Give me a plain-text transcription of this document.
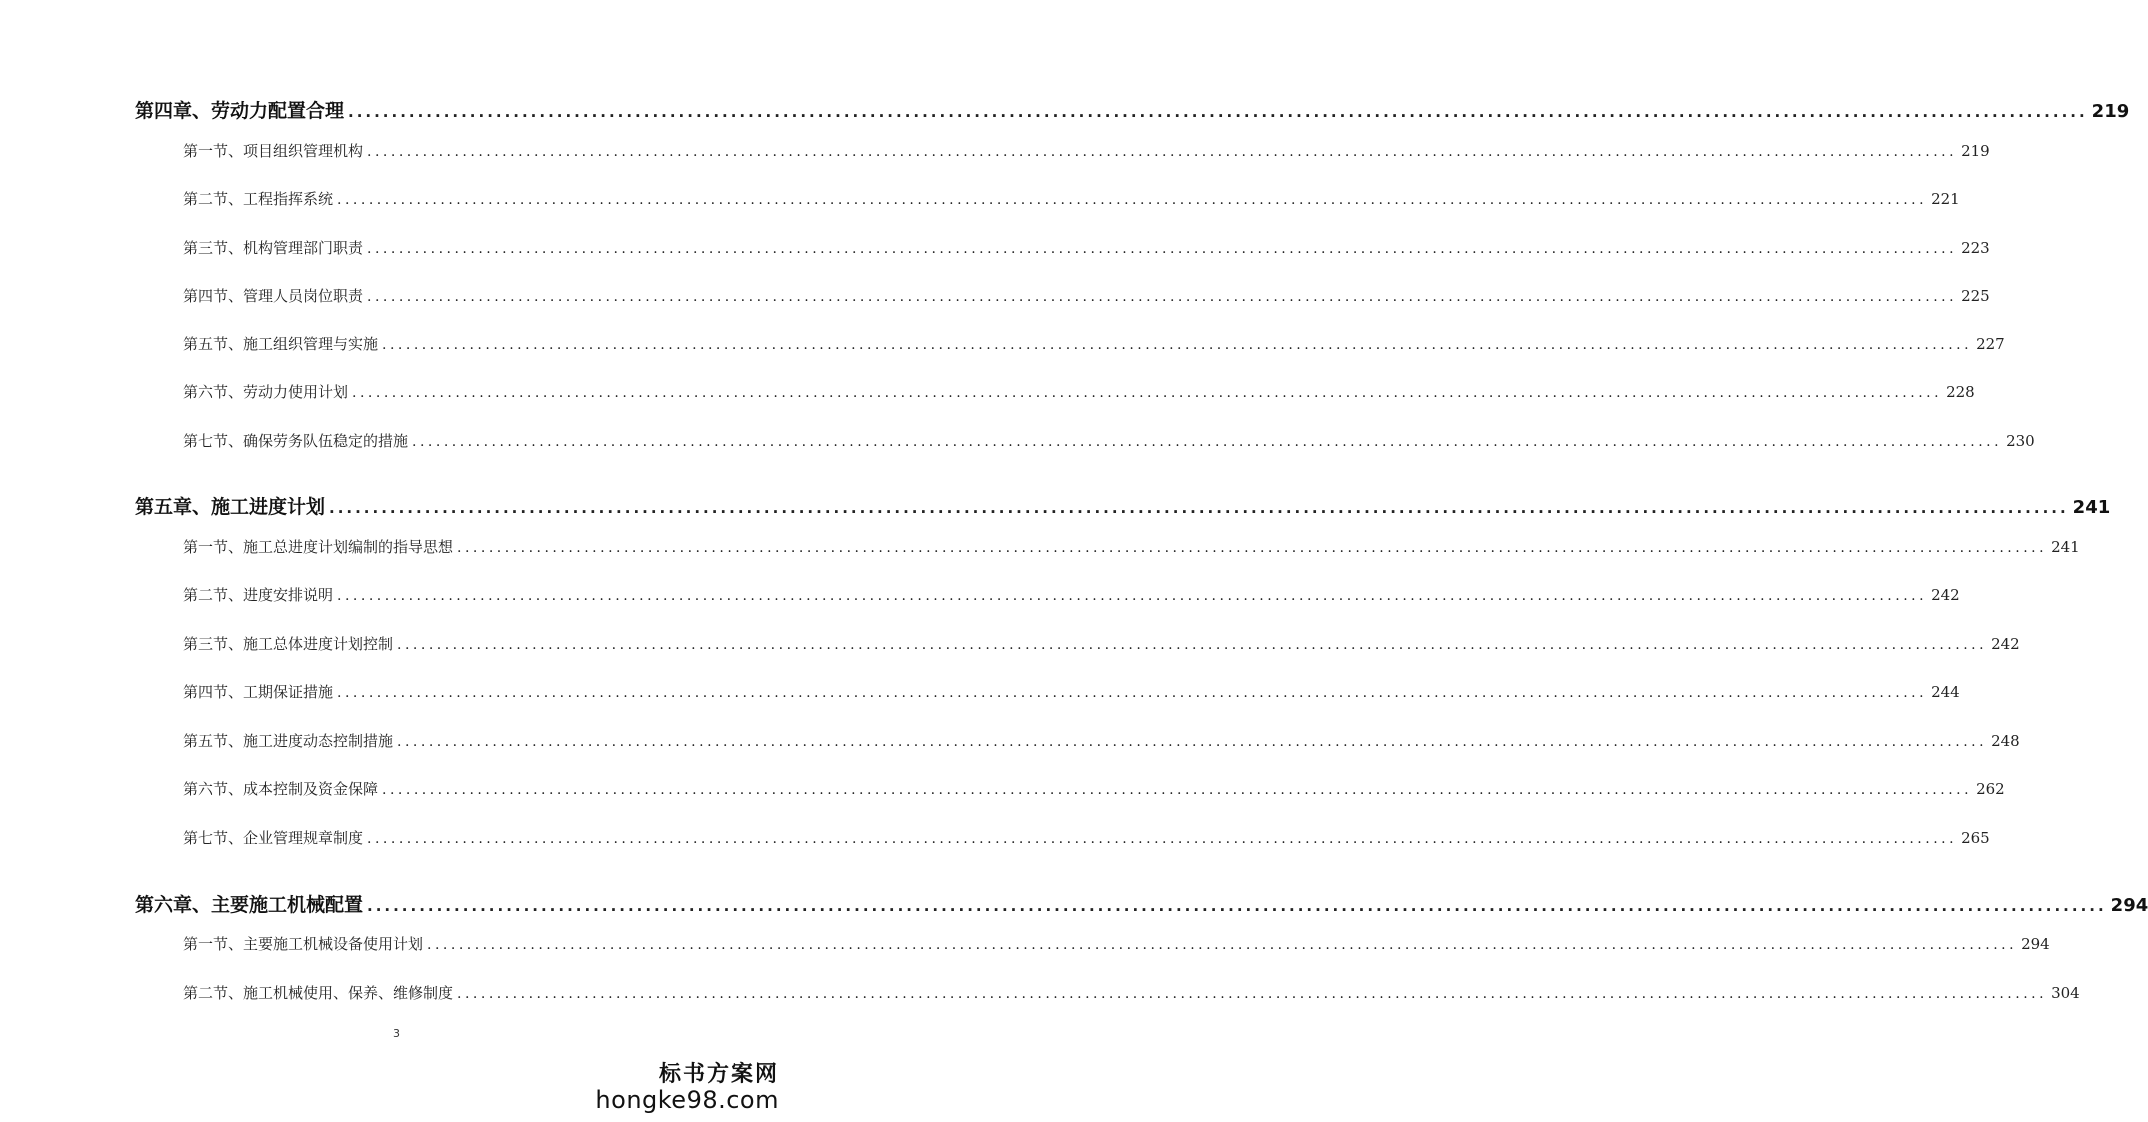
第四章、劳动力配置合理 ........................................................................................................................................................................................................ 219
第一节、项目组织管理机构 ........................................................................................................................................................................................................ 219
第二节、工程指挥系统 ........................................................................................................................................................................................................ 221
第三节、机构管理部门职责 ........................................................................................................................................................................................................ 223
第四节、管理人员岗位职责 ........................................................................................................................................................................................................ 225
第五节、施工组织管理与实施 ........................................................................................................................................................................................................ 227
第六节、劳动力使用计划 ........................................................................................................................................................................................................ 228
第七节、确保劳务队伍稳定的措施 ........................................................................................................................................................................................................ 230
第五章、施工进度计划 ........................................................................................................................................................................................................ 241
第一节、施工总进度计划编制的指导思想 ........................................................................................................................................................................................................ 241
第二节、进度安排说明 ........................................................................................................................................................................................................ 242
第三节、施工总体进度计划控制 ........................................................................................................................................................................................................ 242
第四节、工期保证措施 ........................................................................................................................................................................................................ 244
第五节、施工进度动态控制措施 ........................................................................................................................................................................................................ 248
第六节、成本控制及资金保障 ........................................................................................................................................................................................................ 262
第七节、企业管理规章制度 ........................................................................................................................................................................................................ 265
第六章、主要施工机械配置 ........................................................................................................................................................................................................ 294
第一节、主要施工机械设备使用计划 ........................................................................................................................................................................................................ 294
第二节、施工机械使用、保养、维修制度 ........................................................................................................................................................................................................ 304
3
标书方案网
hongke98.com
